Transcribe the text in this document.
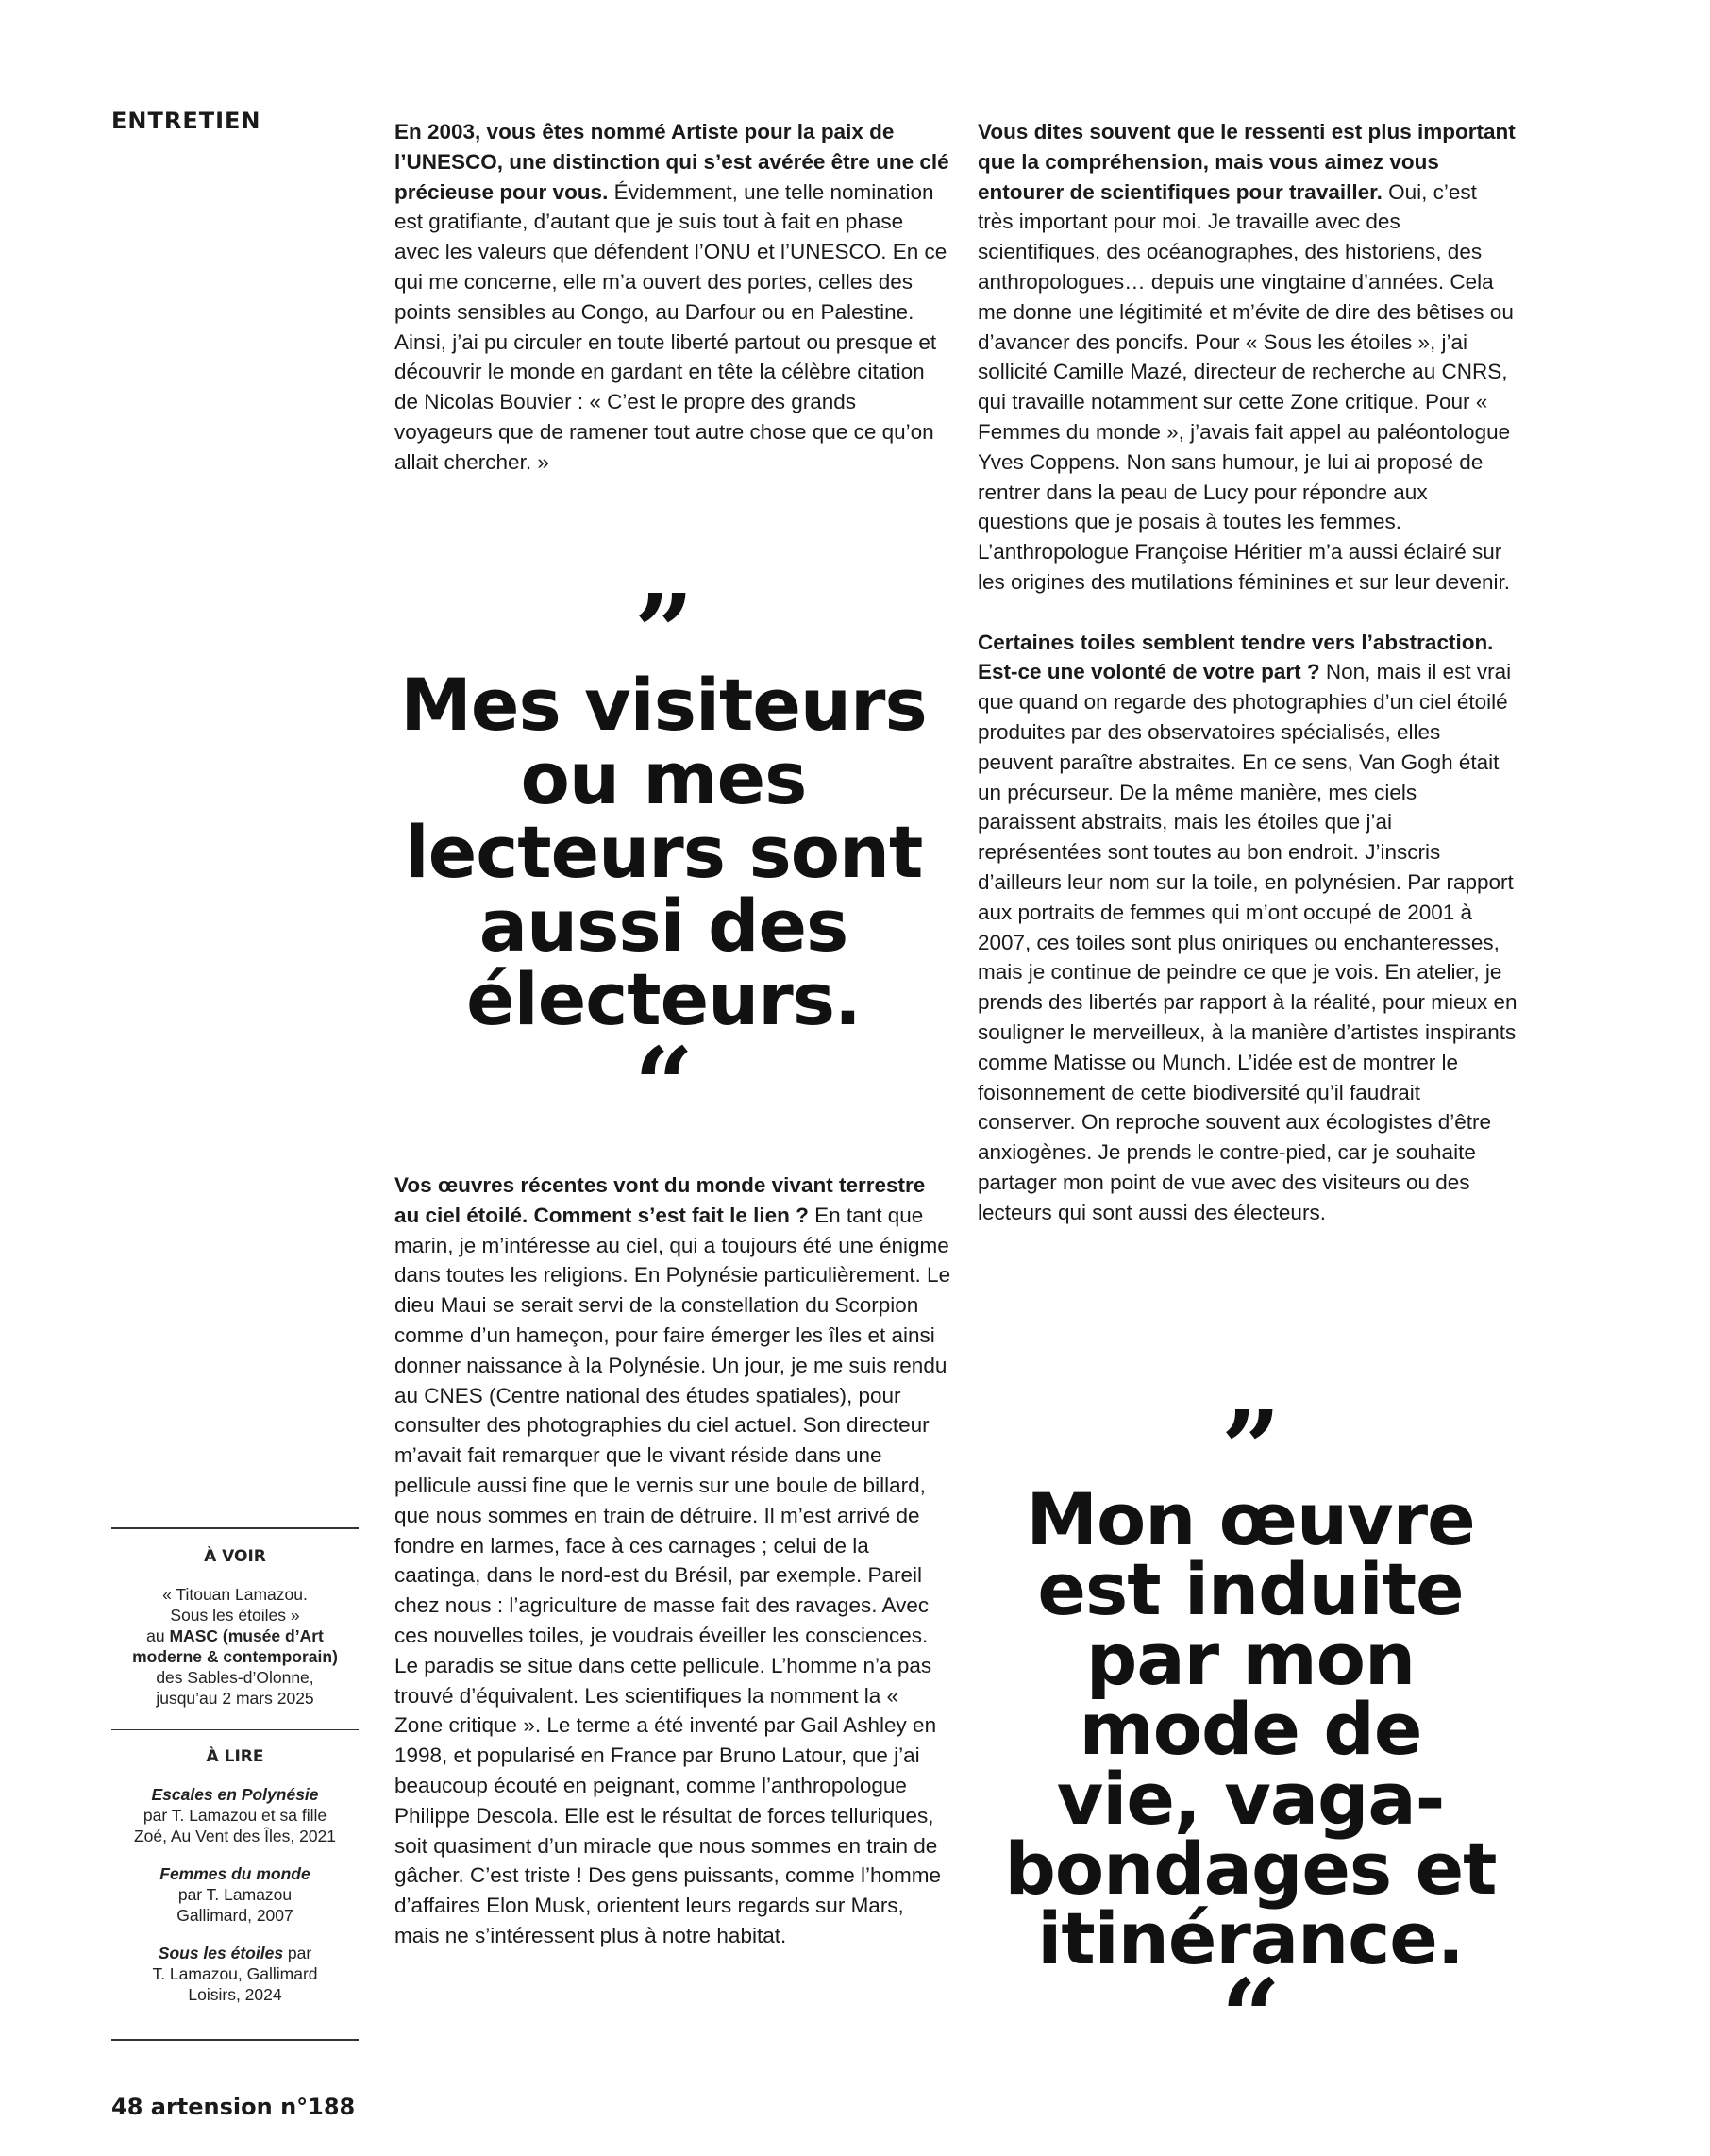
ENTRETIEN	En 2003, vous êtes nommé Artiste pour la paix de l’UNESCO, une distinction qui s’est avérée être une clé précieuse pour vous. Évidemment, une telle nomination est gratifiante, d’autant que je suis tout à fait en phase avec les valeurs que défendent l’ONU et l’UNESCO. En ce qui me concerne, elle m’a ouvert des portes, celles des points sensibles au Congo, au Darfour ou en Palestine. Ainsi, j’ai pu circuler en toute liberté partout ou presque et découvrir le monde en gardant en tête la célèbre citation de Nicolas Bouvier : « C’est le propre des grands voyageurs que de ramener tout autre chose que ce qu’on allait chercher. »

”
Mes visiteurs
ou mes
lecteurs sont
aussi des
électeurs.
“

Vos œuvres récentes vont du monde vivant terrestre au ciel étoilé. Comment s’est fait le lien ? En tant que marin, je m’intéresse au ciel, qui a toujours été une énigme dans toutes les religions. En Polynésie particulièrement. Le dieu Maui se serait servi de la constellation du Scorpion comme d’un hameçon, pour faire émerger les îles et ainsi donner naissance à la Polynésie. Un jour, je me suis rendu au CNES (Centre national des études spatiales), pour consulter des photographies du ciel actuel. Son directeur m’avait fait remarquer que le vivant réside dans une pellicule aussi fine que le vernis sur une boule de billard, que nous sommes en train de détruire. Il m’est arrivé de fondre en larmes, face à ces carnages ; celui de la caatinga, dans le nord-est du Brésil, par exemple. Pareil chez nous : l’agriculture de masse fait des ravages. Avec ces nouvelles toiles, je voudrais éveiller les consciences. Le paradis se situe dans cette pellicule. L’homme n’a pas trouvé d’équivalent. Les scientifiques la nomment la « Zone critique ». Le terme a été inventé par Gail Ashley en 1998, et popularisé en France par Bruno Latour, que j’ai beaucoup écouté en peignant, comme l’anthropologue Philippe Descola. Elle est le résultat de forces telluriques, soit quasiment d’un miracle que nous sommes en train de gâcher. C’est triste ! Des gens puissants, comme l’homme d’affaires Elon Musk, orientent leurs regards sur Mars, mais ne s’intéressent plus à notre habitat.

Vous dites souvent que le ressenti est plus important que la compréhension, mais vous aimez vous entourer de scientifiques pour travailler. Oui, c’est très important pour moi. Je travaille avec des scientifiques, des océanographes, des historiens, des anthropologues… depuis une vingtaine d’années. Cela me donne une légitimité et m’évite de dire des bêtises ou d’avancer des poncifs. Pour « Sous les étoiles », j’ai sollicité Camille Mazé, directeur de recherche au CNRS, qui travaille notamment sur cette Zone critique. Pour « Femmes du monde », j’avais fait appel au paléontologue Yves Coppens. Non sans humour, je lui ai proposé de rentrer dans la peau de Lucy pour répondre aux questions que je posais à toutes les femmes. L’anthropologue Françoise Héritier m’a aussi éclairé sur les origines des mutilations féminines et sur leur devenir.

Certaines toiles semblent tendre vers l’abstraction. Est-ce une volonté de votre part ? Non, mais il est vrai que quand on regarde des photographies d’un ciel étoilé produites par des observatoires spécialisés, elles peuvent paraître abstraites. En ce sens, Van Gogh était un précurseur. De la même manière, mes ciels paraissent abstraits, mais les étoiles que j’ai représentées sont toutes au bon endroit. J’inscris d’ailleurs leur nom sur la toile, en polynésien. Par rapport aux portraits de femmes qui m’ont occupé de 2001 à 2007, ces toiles sont plus oniriques ou enchanteresses, mais je continue de peindre ce que je vois. En atelier, je prends des libertés par rapport à la réalité, pour mieux en souligner le merveilleux, à la manière d’artistes inspirants comme Matisse ou Munch. L’idée est de montrer le foisonnement de cette biodiversité qu’il faudrait conserver. On reproche souvent aux écologistes d’être anxiogènes. Je prends le contre-pied, car je souhaite partager mon point de vue avec des visiteurs ou des lecteurs qui sont aussi des électeurs.

”
Mon œuvre
est induite
par mon
mode de
vie, vaga-
bondages et
itinérance.
“
À VOIR
« Titouan Lamazou.
Sous les étoiles »
au MASC (musée d’Art
moderne & contemporain)
des Sables-d’Olonne,
jusqu’au 2 mars 2025
À LIRE
Escales en Polynésie
par T. Lamazou et sa fille
Zoé, Au Vent des Îles, 2021
Femmes du monde
par T. Lamazou
Gallimard, 2007
Sous les étoiles par
T. Lamazou, Gallimard
Loisirs, 2024
48 artension n°188
